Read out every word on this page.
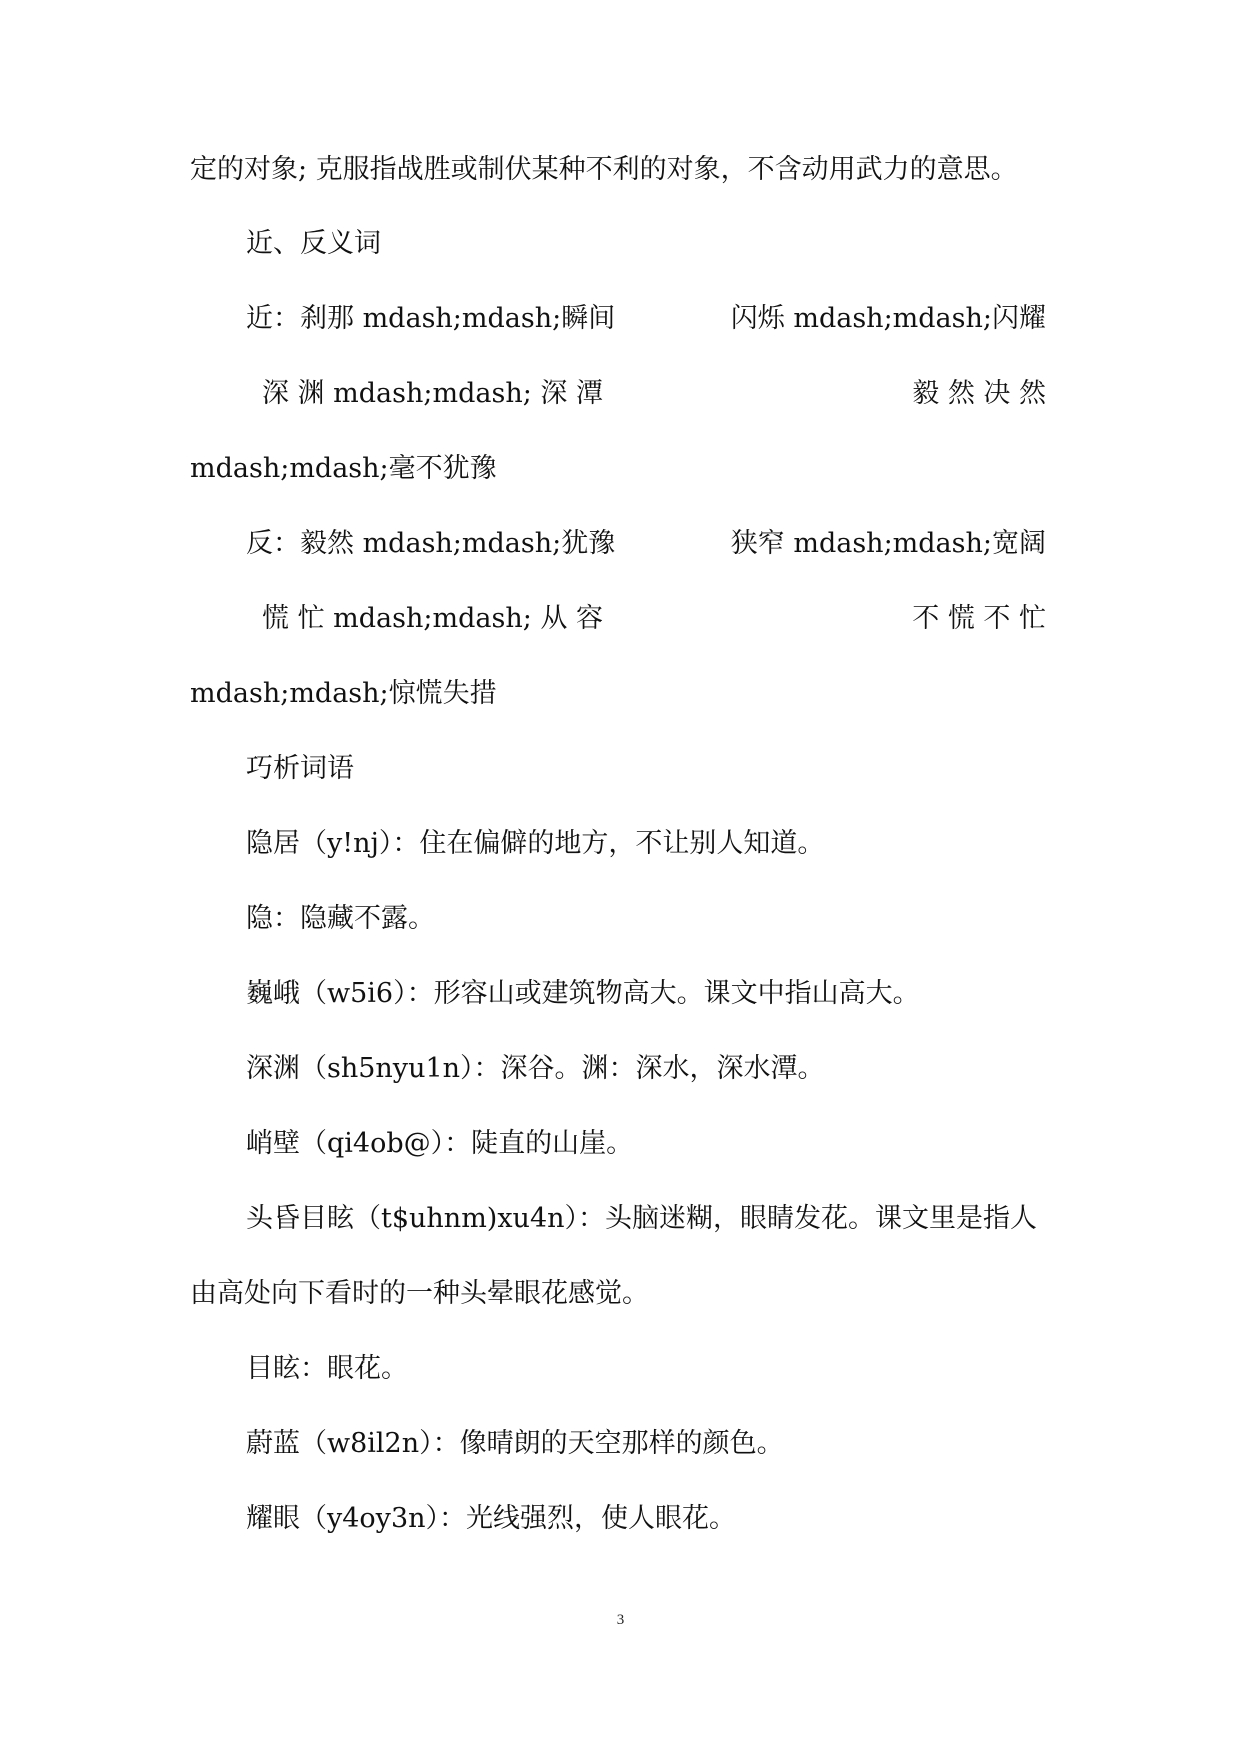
定的对象; 克服指战胜或制伏某种不利的对象，不含动用武力的意思。
近、反义词
近：刹那 mdash;mdash;瞬间	闪烁 mdash;mdash;闪耀
深 渊 mdash;mdash; 深 潭	毅 然 决 然
mdash;mdash;毫不犹豫
反：毅然 mdash;mdash;犹豫	狭窄 mdash;mdash;宽阔
慌 忙 mdash;mdash; 从 容	不 慌 不 忙
mdash;mdash;惊慌失措
巧析词语
隐居（y!nj）：住在偏僻的地方，不让别人知道。
隐：隐藏不露。
巍峨（w5i6）：形容山或建筑物高大。课文中指山高大。
深渊（sh5nyu1n）：深谷。渊：深水，深水潭。
峭壁（qi4ob@）：陡直的山崖。
头昏目眩（t$uhnm)xu4n）：头脑迷糊，眼睛发花。课文里是指人
由高处向下看时的一种头晕眼花感觉。
目眩：眼花。
蔚蓝（w8il2n）：像晴朗的天空那样的颜色。
耀眼（y4oy3n）：光线强烈，使人眼花。
3
